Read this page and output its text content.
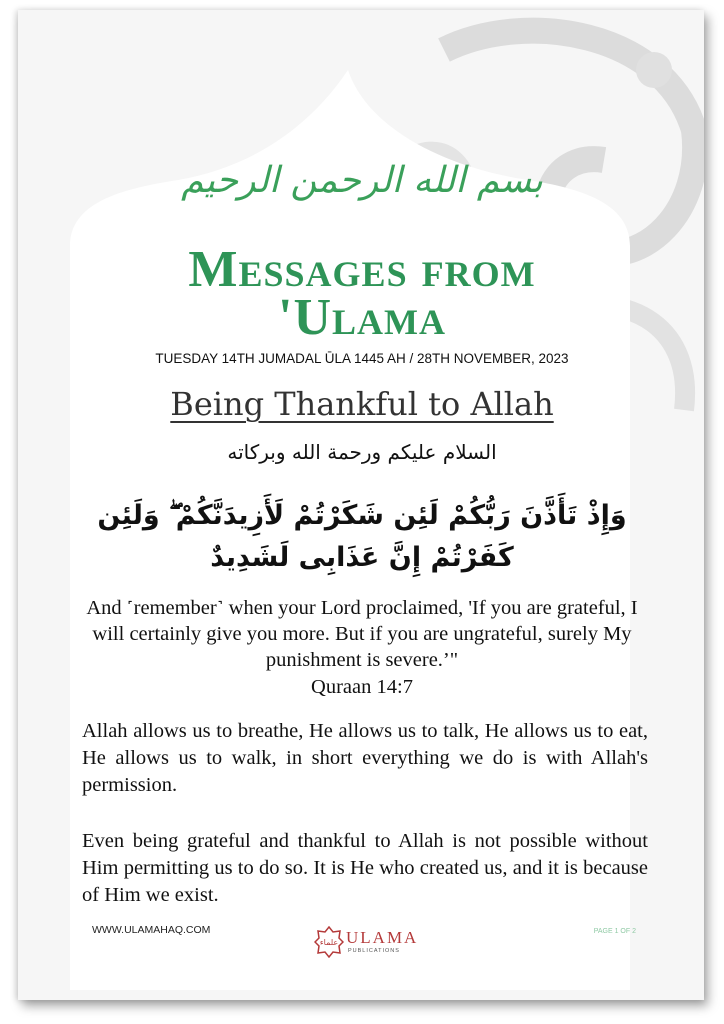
بسم الله الرحمن الرحيم
Messages from
'Ulama
TUESDAY 14TH JUMADAL ŪLA 1445 AH / 28TH NOVEMBER, 2023
Being Thankful to Allah
السلام عليكم ورحمة الله وبركاته
وَإِذْ تَأَذَّنَ رَبُّكُمْ لَئِن شَكَرْتُمْ لَأَزِيدَنَّكُمْ ۖ وَلَئِن
كَفَرْتُمْ إِنَّ عَذَابِى لَشَدِيدٌ
And ˹remember˺ when your Lord proclaimed, 'If you are grateful, I will certainly give you more. But if you are ungrateful, surely My punishment is severe.’"
Quraan 14:7
Allah allows us to breathe, He allows us to talk, He allows us to eat, He allows us to walk, in short everything we do is with Allah's permission.
Even being grateful and thankful to Allah is not possible without Him permitting us to do so. It is He who created us, and it is because of Him we exist.
WWW.ULAMAHAQ.COM	PAGE 1 OF 2
علماء ULAMA
PUBLICATIONS
